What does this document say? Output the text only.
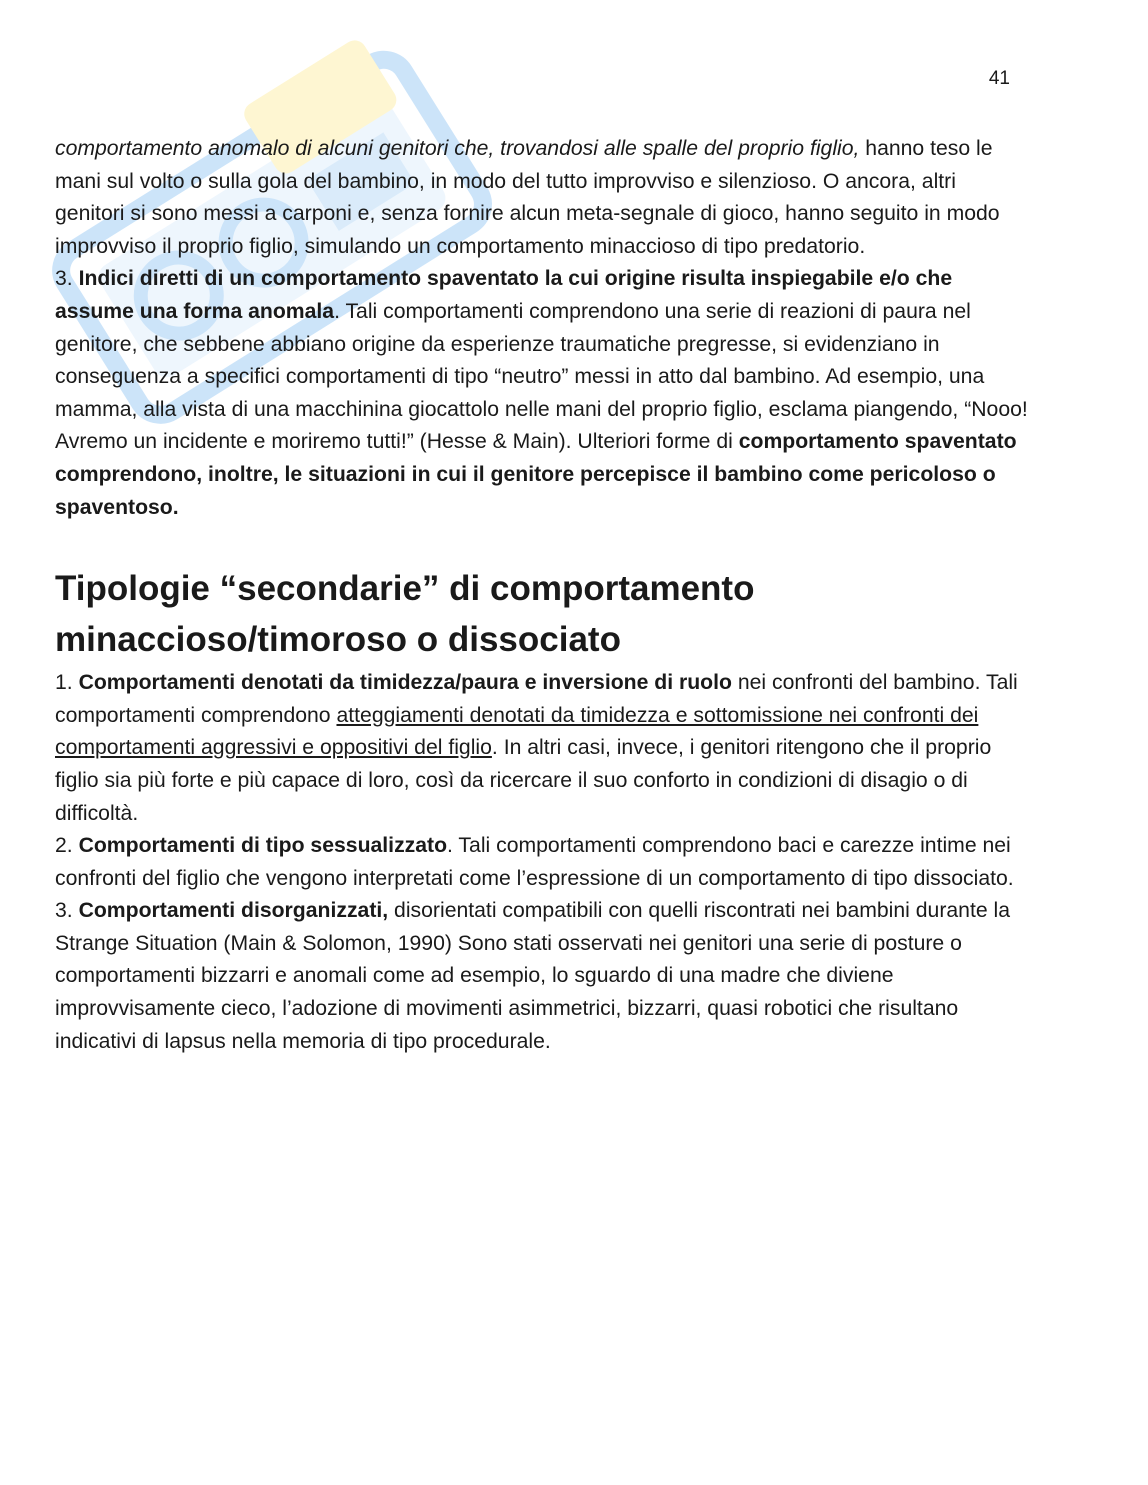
41

comportamento anomalo di alcuni genitori che, trovandosi alle spalle del proprio figlio, hanno teso le mani sul volto o sulla gola del bambino, in modo del tutto improvviso e silenzioso. O ancora, altri genitori si sono messi a carponi e, senza fornire alcun meta-segnale di gioco, hanno seguito in modo improvviso il proprio figlio, simulando un comportamento minaccioso di tipo predatorio.

3. Indici diretti di un comportamento spaventato la cui origine risulta inspiegabile e/o che assume una forma anomala. Tali comportamenti comprendono una serie di reazioni di paura nel genitore, che sebbene abbiano origine da esperienze traumatiche pregresse, si evidenziano in conseguenza a specifici comportamenti di tipo “neutro” messi in atto dal bambino. Ad esempio, una mamma, alla vista di una macchinina giocattolo nelle mani del proprio figlio, esclama piangendo, “Nooo! Avremo un incidente e moriremo tutti!” (Hesse & Main). Ulteriori forme di comportamento spaventato comprendono, inoltre, le situazioni in cui il genitore percepisce il bambino come pericoloso o spaventoso.

Tipologie “secondarie” di comportamento minaccioso/timoroso o dissociato

1. Comportamenti denotati da timidezza/paura e inversione di ruolo nei confronti del bambino. Tali comportamenti comprendono atteggiamenti denotati da timidezza e sottomissione nei confronti dei comportamenti aggressivi e oppositivi del figlio. In altri casi, invece, i genitori ritengono che il proprio figlio sia più forte e più capace di loro, così da ricercare il suo conforto in condizioni di disagio o di difficoltà.

2. Comportamenti di tipo sessualizzato. Tali comportamenti comprendono baci e carezze intime nei confronti del figlio che vengono interpretati come l’espressione di un comportamento di tipo dissociato.

3. Comportamenti disorganizzati, disorientati compatibili con quelli riscontrati nei bambini durante la Strange Situation (Main & Solomon, 1990) Sono stati osservati nei genitori una serie di posture o comportamenti bizzarri e anomali come ad esempio, lo sguardo di una madre che diviene improvvisamente cieco, l’adozione di movimenti asimmetrici, bizzarri, quasi robotici che risultano indicativi di lapsus nella memoria di tipo procedurale.
